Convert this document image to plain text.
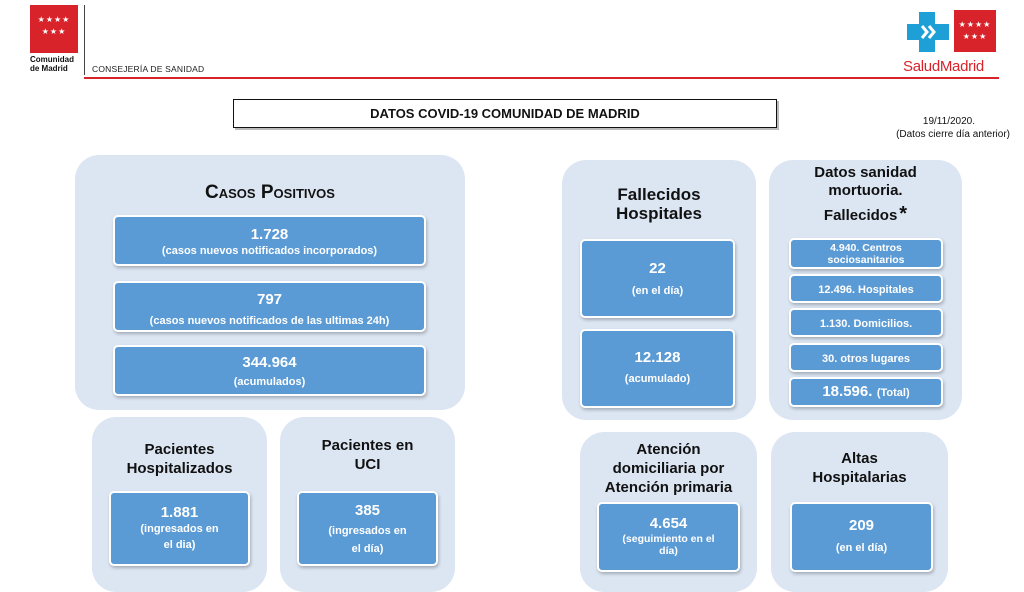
★★★★
★★★
Comunidad
de Madrid	CONSEJERÍA DE SANIDAD
★★★★
★★★
SaludMadrid
DATOS COVID-19 COMUNIDAD DE MADRID
19/11/2020.
(Datos cierre día anterior)
Casos Positivos
1.728
(casos nuevos notificados incorporados)
797
(casos nuevos notificados de las ultimas 24h)
344.964
(acumulados)
Fallecidos
Hospitales
22
(en el día)
12.128
(acumulado)
Datos sanidad
mortuoria.
Fallecidos *
4.940. Centros sociosanitarios
12.496. Hospitales
1.130. Domicilios.
30. otros lugares
18.596. (Total)
Pacientes
Hospitalizados
1.881
(ingresados en
el dia)
Pacientes en
UCI
385
(ingresados en
el día)
Atención
domiciliaria por
Atención primaria
4.654
(seguimiento en el
día)
Altas
Hospitalarias
209
(en el día)
